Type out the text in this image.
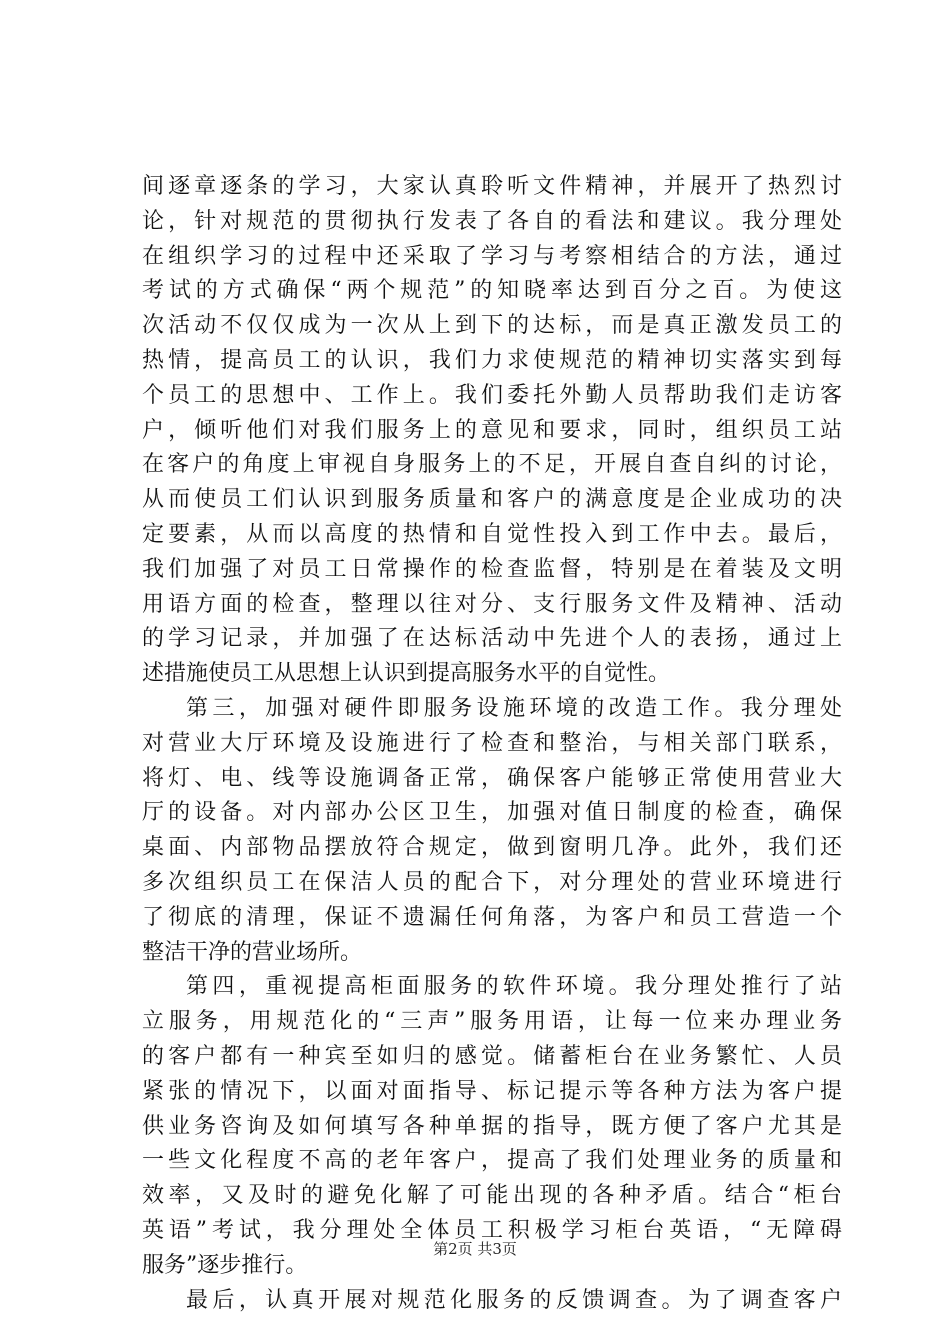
间逐章逐条的学习，大家认真聆听文件精神，并展开了热烈讨
论，针对规范的贯彻执行发表了各自的看法和建议。我分理处
在组织学习的过程中还采取了学习与考察相结合的方法，通过
考试的方式确保“两个规范”的知晓率达到百分之百。为使这
次活动不仅仅成为一次从上到下的达标，而是真正激发员工的
热情，提高员工的认识，我们力求使规范的精神切实落实到每
个员工的思想中、工作上。我们委托外勤人员帮助我们走访客
户，倾听他们对我们服务上的意见和要求，同时，组织员工站
在客户的角度上审视自身服务上的不足，开展自查自纠的讨论，
从而使员工们认识到服务质量和客户的满意度是企业成功的决
定要素，从而以高度的热情和自觉性投入到工作中去。最后，
我们加强了对员工日常操作的检查监督，特别是在着装及文明
用语方面的检查，整理以往对分、支行服务文件及精神、活动
的学习记录，并加强了在达标活动中先进个人的表扬，通过上
述措施使员工从思想上认识到提高服务水平的自觉性。
第三，加强对硬件即服务设施环境的改造工作。我分理处
对营业大厅环境及设施进行了检查和整治，与相关部门联系，
将灯、电、线等设施调备正常，确保客户能够正常使用营业大
厅的设备。对内部办公区卫生，加强对值日制度的检查，确保
桌面、内部物品摆放符合规定，做到窗明几净。此外，我们还
多次组织员工在保洁人员的配合下，对分理处的营业环境进行
了彻底的清理，保证不遗漏任何角落，为客户和员工营造一个
整洁干净的营业场所。
第四，重视提高柜面服务的软件环境。我分理处推行了站
立服务，用规范化的“三声”服务用语，让每一位来办理业务
的客户都有一种宾至如归的感觉。储蓄柜台在业务繁忙、人员
紧张的情况下，以面对面指导、标记提示等各种方法为客户提
供业务咨询及如何填写各种单据的指导，既方便了客户尤其是
一些文化程度不高的老年客户，提高了我们处理业务的质量和
效率，又及时的避免化解了可能出现的各种矛盾。结合“柜台
英语”考试，我分理处全体员工积极学习柜台英语，“无障碍
服务”逐步推行。
最后，认真开展对规范化服务的反馈调查。为了调查客户
第2页 共3页
